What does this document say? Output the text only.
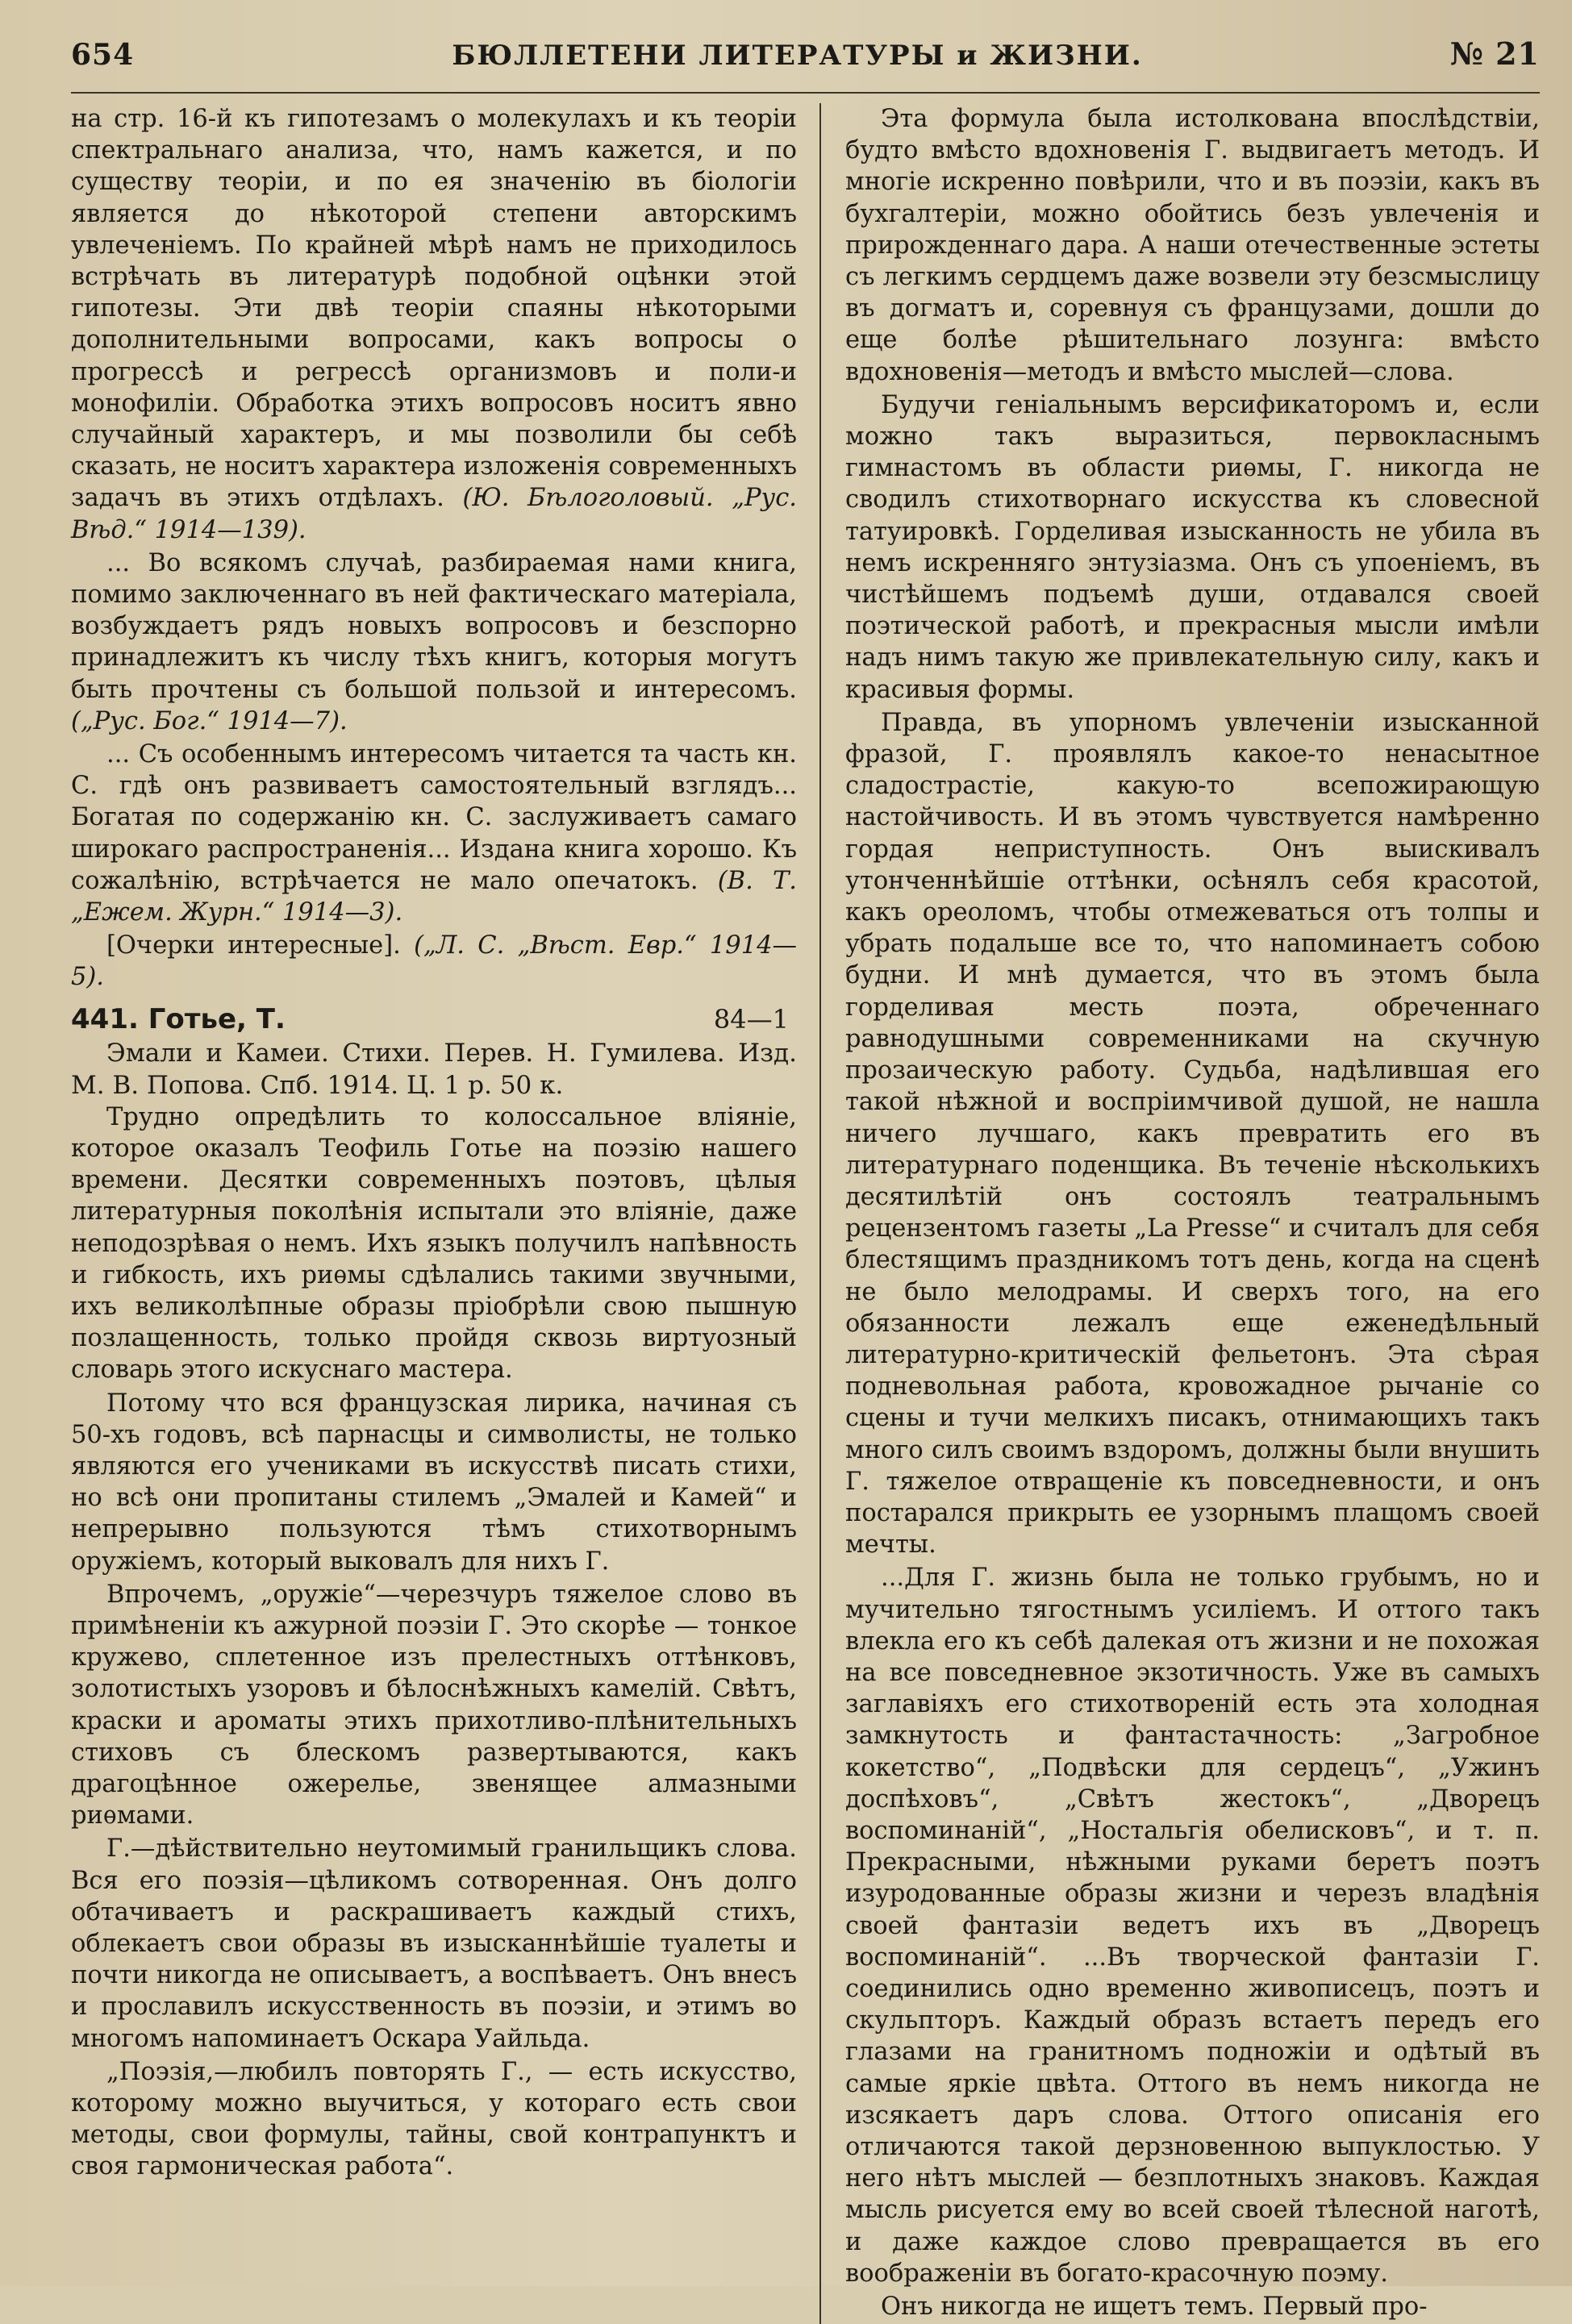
654	БЮЛЛЕТЕНИ ЛИТЕРАТУРЫ и ЖИЗНИ.	№ 21

на стр. 16-й къ гипотезамъ о молекулахъ и къ теоріи спектральнаго анализа, что, намъ кажется, и по существу теоріи, и по ея значенію въ біологіи является до нѣкоторой степени авторскимъ увлеченіемъ. По крайней мѣрѣ намъ не приходилось встрѣчать въ литературѣ подобной оцѣнки этой гипотезы. Эти двѣ теоріи спаяны нѣкоторыми дополнительными вопросами, какъ вопросы о прогрессѣ и регрессѣ организмовъ и поли-и монофиліи. Обработка этихъ вопросовъ носитъ явно случайный характеръ, и мы позволили бы себѣ сказать, не носитъ характера изложенія современныхъ задачъ въ этихъ отдѣлахъ. (Ю. Бѣлоголовый. „Рус. Вѣд.“ 1914—139).

... Во всякомъ случаѣ, разбираемая нами книга, помимо заключеннаго въ ней фактическаго матеріала, возбуждаетъ рядъ новыхъ вопросовъ и безспорно принадлежитъ къ числу тѣхъ книгъ, которыя могутъ быть прочтены съ большой пользой и интересомъ. („Рус. Бог.“ 1914—7).

... Съ особеннымъ интересомъ читается та часть кн. С. гдѣ онъ развиваетъ самостоятельный взглядъ... Богатая по содержанію кн. С. заслуживаетъ самаго широкаго распространенія... Издана книга хорошо. Къ сожалѣнію, встрѣчается не мало опечатокъ. (В. Т. „Ежем. Журн.“ 1914—3).

[Очерки интересные]. („Л. С. „Вѣст. Евр.“ 1914—5).

441. Готье, Т.	84—1

Эмали и Камеи. Стихи. Перев. Н. Гумилева. Изд. М. В. Попова. Спб. 1914. Ц. 1 р. 50 к.

Трудно опредѣлить то колоссальное вліяніе, которое оказалъ Теофиль Готье на поэзію нашего времени. Десятки современныхъ поэтовъ, цѣлыя литературныя поколѣнія испытали это вліяніе, даже неподозрѣвая о немъ. Ихъ языкъ получилъ напѣвность и гибкость, ихъ риѳмы сдѣлались такими звучными, ихъ великолѣпные образы пріобрѣли свою пышную позлащенность, только пройдя сквозь виртуозный словарь этого искуснаго мастера.

Потому что вся французская лирика, начиная съ 50-хъ годовъ, всѣ парнасцы и символисты, не только являются его учениками въ искусствѣ писать стихи, но всѣ они пропитаны стилемъ „Эмалей и Камей“ и непрерывно пользуются тѣмъ стихотворнымъ оружіемъ, который выковалъ для нихъ Г.

Впрочемъ, „оружіе“—черезчуръ тяжелое слово въ примѣненіи къ ажурной поэзіи Г. Это скорѣе — тонкое кружево, сплетенное изъ прелестныхъ оттѣнковъ, золотистыхъ узоровъ и бѣлоснѣжныхъ камелій. Свѣтъ, краски и ароматы этихъ прихотливо-плѣнительныхъ стиховъ съ блескомъ развертываются, какъ драгоцѣнное ожерелье, звенящее алмазными риѳмами.

Г.—дѣйствительно неутомимый гранильщикъ слова. Вся его поэзія—цѣликомъ сотворенная. Онъ долго обтачиваетъ и раскрашиваетъ каждый стихъ, облекаетъ свои образы въ изысканнѣйшіе туалеты и почти никогда не описываетъ, а воспѣваетъ. Онъ внесъ и прославилъ искусственность въ поэзіи, и этимъ во многомъ напоминаетъ Оскара Уайльда.

„Поэзія,—любилъ повторять Г., — есть искусство, которому можно выучиться, у котораго есть свои методы, свои формулы, тайны, свой контрапунктъ и своя гармоническая работа“.

Эта формула была истолкована впослѣдствіи, будто вмѣсто вдохновенія Г. выдвигаетъ методъ. И многіе искренно повѣрили, что и въ поэзіи, какъ въ бухгалтеріи, можно обойтись безъ увлеченія и прирожденнаго дара. А наши отечественные эстеты съ легкимъ сердцемъ даже возвели эту безсмыслицу въ догматъ и, соревнуя съ французами, дошли до еще болѣе рѣшительнаго лозунга: вмѣсто вдохновенія—методъ и вмѣсто мыслей—слова.

Будучи геніальнымъ версификаторомъ и, если можно такъ выразиться, первокласнымъ гимнастомъ въ области риѳмы, Г. никогда не сводилъ стихотворнаго искусства къ словесной татуировкѣ. Горделивая изысканность не убила въ немъ искренняго энтузіазма. Онъ съ упоеніемъ, въ чистѣйшемъ подъемѣ души, отдавался своей поэтической работѣ, и прекрасныя мысли имѣли надъ нимъ такую же привлекательную силу, какъ и красивыя формы.

Правда, въ упорномъ увлеченіи изысканной фразой, Г. проявлялъ какое-то ненасытное сладострастіе, какую-то всепожирающую настойчивость. И въ этомъ чувствуется намѣренно гордая неприступность. Онъ выискивалъ утонченнѣйшіе оттѣнки, осѣнялъ себя красотой, какъ ореоломъ, чтобы отмежеваться отъ толпы и убрать подальше все то, что напоминаетъ собою будни. И мнѣ думается, что въ этомъ была горделивая месть поэта, обреченнаго равнодушными современниками на скучную прозаическую работу. Судьба, надѣлившая его такой нѣжной и воспріимчивой душой, не нашла ничего лучшаго, какъ превратить его въ литературнаго поденщика. Въ теченіе нѣсколькихъ десятилѣтій онъ состоялъ театральнымъ рецензентомъ газеты „La Presse“ и считалъ для себя блестящимъ праздникомъ тотъ день, когда на сценѣ не было мелодрамы. И сверхъ того, на его обязанности лежалъ еще еженедѣльный литературно-критическій фельетонъ. Эта сѣрая подневольная работа, кровожадное рычаніе со сцены и тучи мелкихъ писакъ, отнимающихъ такъ много силъ своимъ вздоромъ, должны были внушить Г. тяжелое отвращеніе къ повседневности, и онъ постарался прикрыть ее узорнымъ плащомъ своей мечты.

...Для Г. жизнь была не только грубымъ, но и мучительно тягостнымъ усиліемъ. И оттого такъ влекла его къ себѣ далекая отъ жизни и не похожая на все повседневное экзотичность. Уже въ самыхъ заглавіяхъ его стихотвореній есть эта холодная замкнутость и фантастачность: „Загробное кокетство“, „Подвѣски для сердецъ“, „Ужинъ доспѣховъ“, „Свѣтъ жестокъ“, „Дворецъ воспоминаній“, „Ностальгія обелисковъ“, и т. п. Прекрасными, нѣжными руками беретъ поэтъ изуродованные образы жизни и черезъ владѣнія своей фантазіи ведетъ ихъ въ „Дворецъ воспоминаній“. ...Въ творческой фантазіи Г. соединились одно временно живописецъ, поэтъ и скульпторъ. Каждый образъ встаетъ передъ его глазами на гранитномъ подножіи и одѣтый въ самые яркіе цвѣта. Оттого въ немъ никогда не изсякаетъ даръ слова. Оттого описанія его отличаются такой дерзновенною выпуклостью. У него нѣтъ мыслей — безплотныхъ знаковъ. Каждая мысль рисуется ему во всей своей тѣлесной наготѣ, и даже каждое слово превращается въ его воображеніи въ богато-красочную поэму.

Онъ никогда не ищетъ темъ. Первый про-
